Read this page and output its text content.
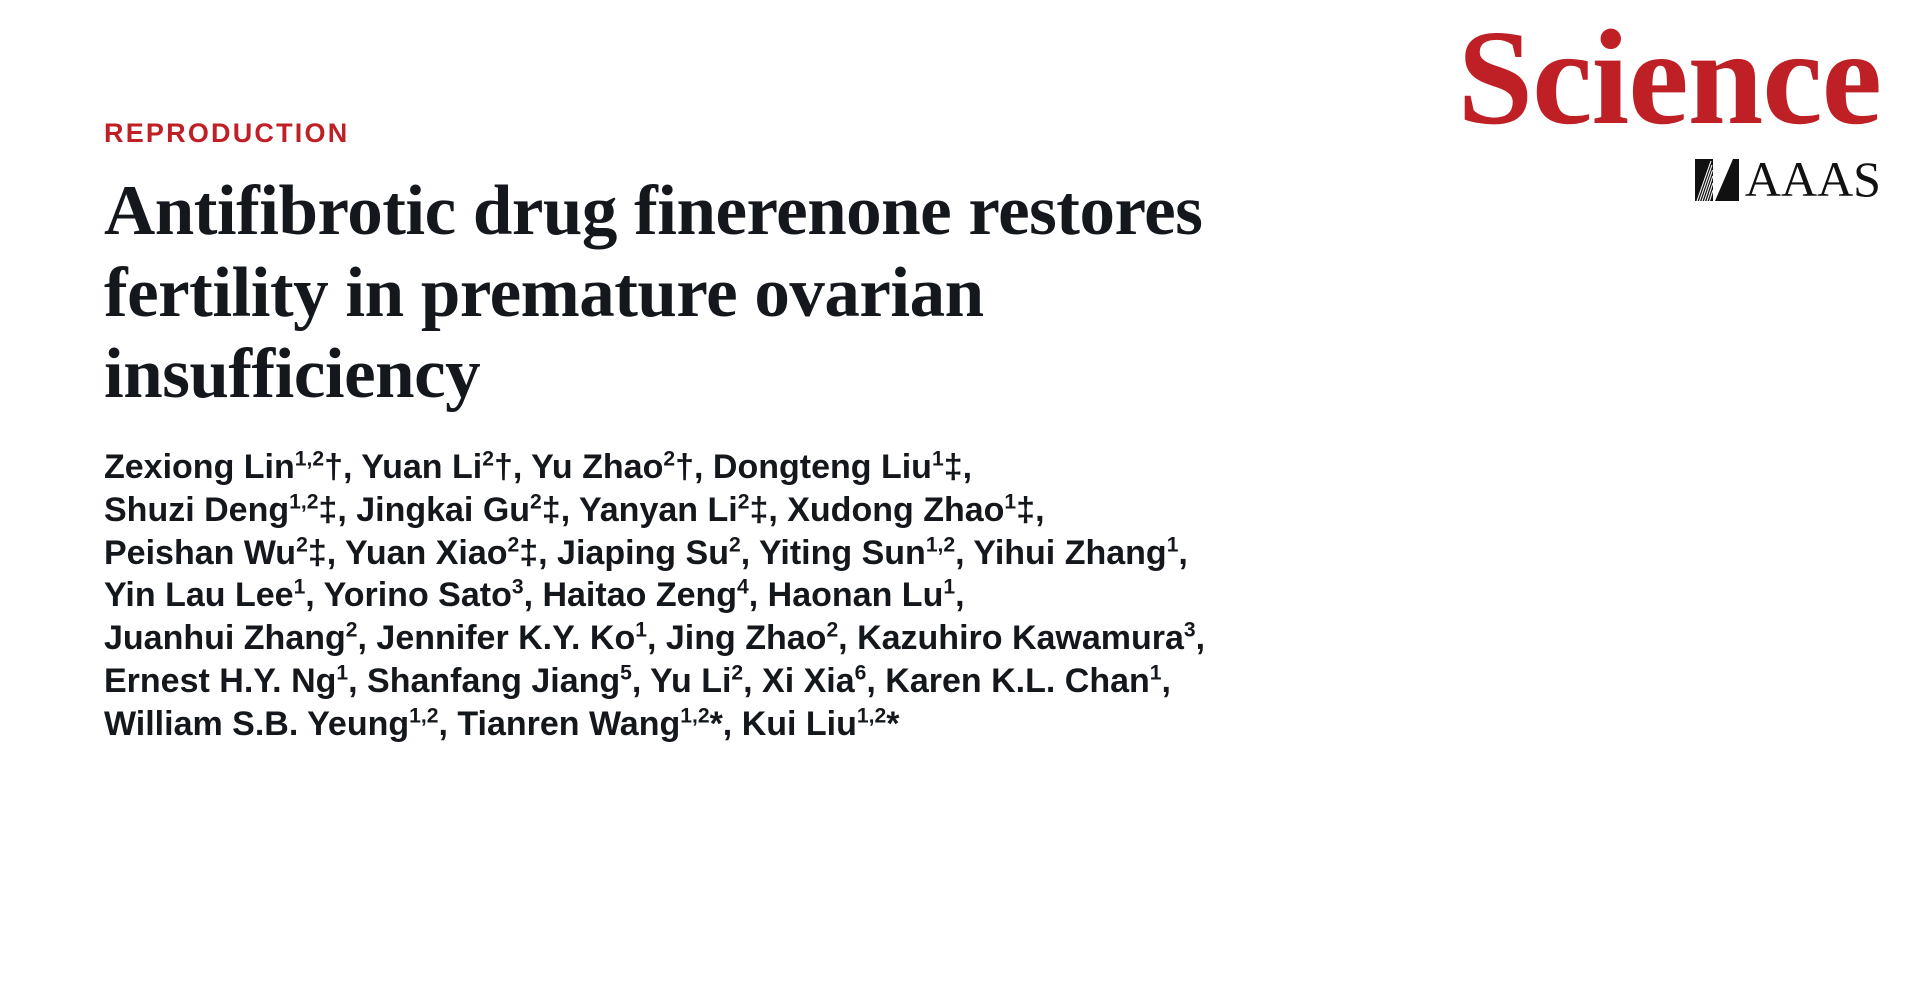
Science
AAAS
REPRODUCTION
Antifibrotic drug finerenone restores fertility in premature ovarian insufficiency
Zexiong Lin$^{1,2}$†, Yuan Li$^2$†, Yu Zhao$^2$†, Dongteng Liu$^1$‡,
Shuzi Deng$^{1,2}$‡, Jingkai Gu$^2$‡, Yanyan Li$^2$‡, Xudong Zhao$^1$‡,
Peishan Wu$^2$‡, Yuan Xiao$^2$‡, Jiaping Su$^2$, Yiting Sun$^{1,2}$, Yihui Zhang$^1$,
Yin Lau Lee$^1$, Yorino Sato$^3$, Haitao Zeng$^4$, Haonan Lu$^1$,
Juanhui Zhang$^2$, Jennifer K.Y. Ko$^1$, Jing Zhao$^2$, Kazuhiro Kawamura$^3$,
Ernest H.Y. Ng$^1$, Shanfang Jiang$^5$, Yu Li$^2$, Xi Xia$^6$, Karen K.L. Chan$^1$,
William S.B. Yeung$^{1,2}$, Tianren Wang$^{1,2}$*, Kui Liu$^{1,2}$*
